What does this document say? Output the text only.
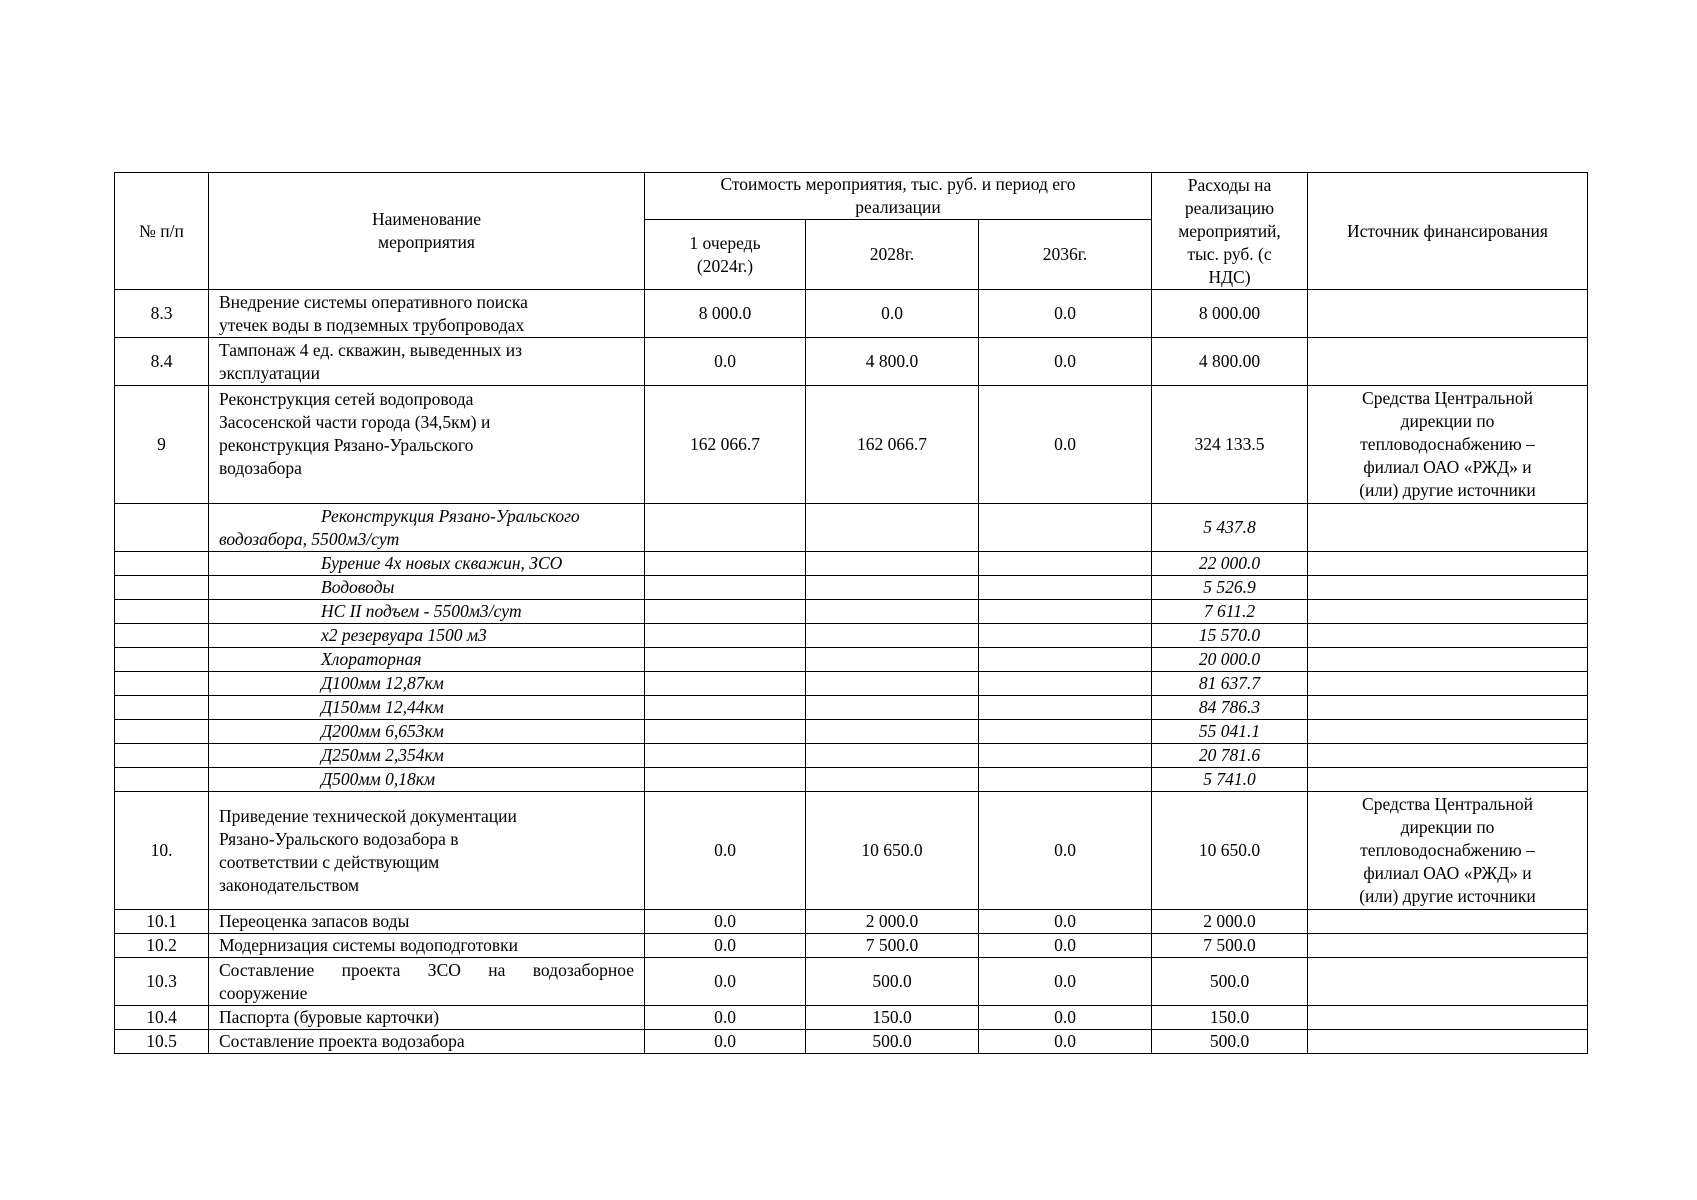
№ п/п	Наименование
мероприятия	Стоимость мероприятия, тыс. руб. и период его
реализации			Расходы на
реализацию
мероприятий,
тыс. руб. (с
НДС)	Источник финансирования
		1 очередь
(2024г.)	2028г.	2036г.		
8.3	Внедрение системы оперативного поиска
утечек воды в подземных трубопроводах	8 000.0	0.0	0.0	8 000.00	
8.4	Тампонаж 4 ед. скважин, выведенных из
эксплуатации	0.0	4 800.0	0.0	4 800.00	
9	Реконструкция сетей водопровода
Засосенской части города (34,5км) и
реконструкция Рязано-Уральского
водозабора	162 066.7	162 066.7	0.0	324 133.5	Средства Центральной
дирекции по
тепловодоснабжению –
филиал ОАО «РЖД» и
(или) другие источники
	Реконструкция Рязано-Уральского
водозабора, 5500м3/сут				5 437.8	
	Бурение 4х новых скважин, ЗСО				22 000.0	
	Водоводы				5 526.9	
	НС II подъем - 5500м3/сут				7 611.2	
	х2 резервуара 1500 м3				15 570.0	
	Хлораторная				20 000.0	
	Д100мм 12,87км				81 637.7	
	Д150мм 12,44км				84 786.3	
	Д200мм 6,653км				55 041.1	
	Д250мм 2,354км				20 781.6	
	Д500мм 0,18км				5 741.0	
10.	Приведение технической документации
Рязано-Уральского водозабора в
соответствии с действующим
законодательством	0.0	10 650.0	0.0	10 650.0	Средства Центральной
дирекции по
тепловодоснабжению –
филиал ОАО «РЖД» и
(или) другие источники
10.1	Переоценка запасов воды	0.0	2 000.0	0.0	2 000.0	
10.2	Модернизация системы водоподготовки	0.0	7 500.0	0.0	7 500.0	
10.3	Составление проекта ЗСО на водозаборное сооружение	0.0	500.0	0.0	500.0	
10.4	Паспорта (буровые карточки)	0.0	150.0	0.0	150.0	
10.5	Составление проекта водозабора	0.0	500.0	0.0	500.0	
